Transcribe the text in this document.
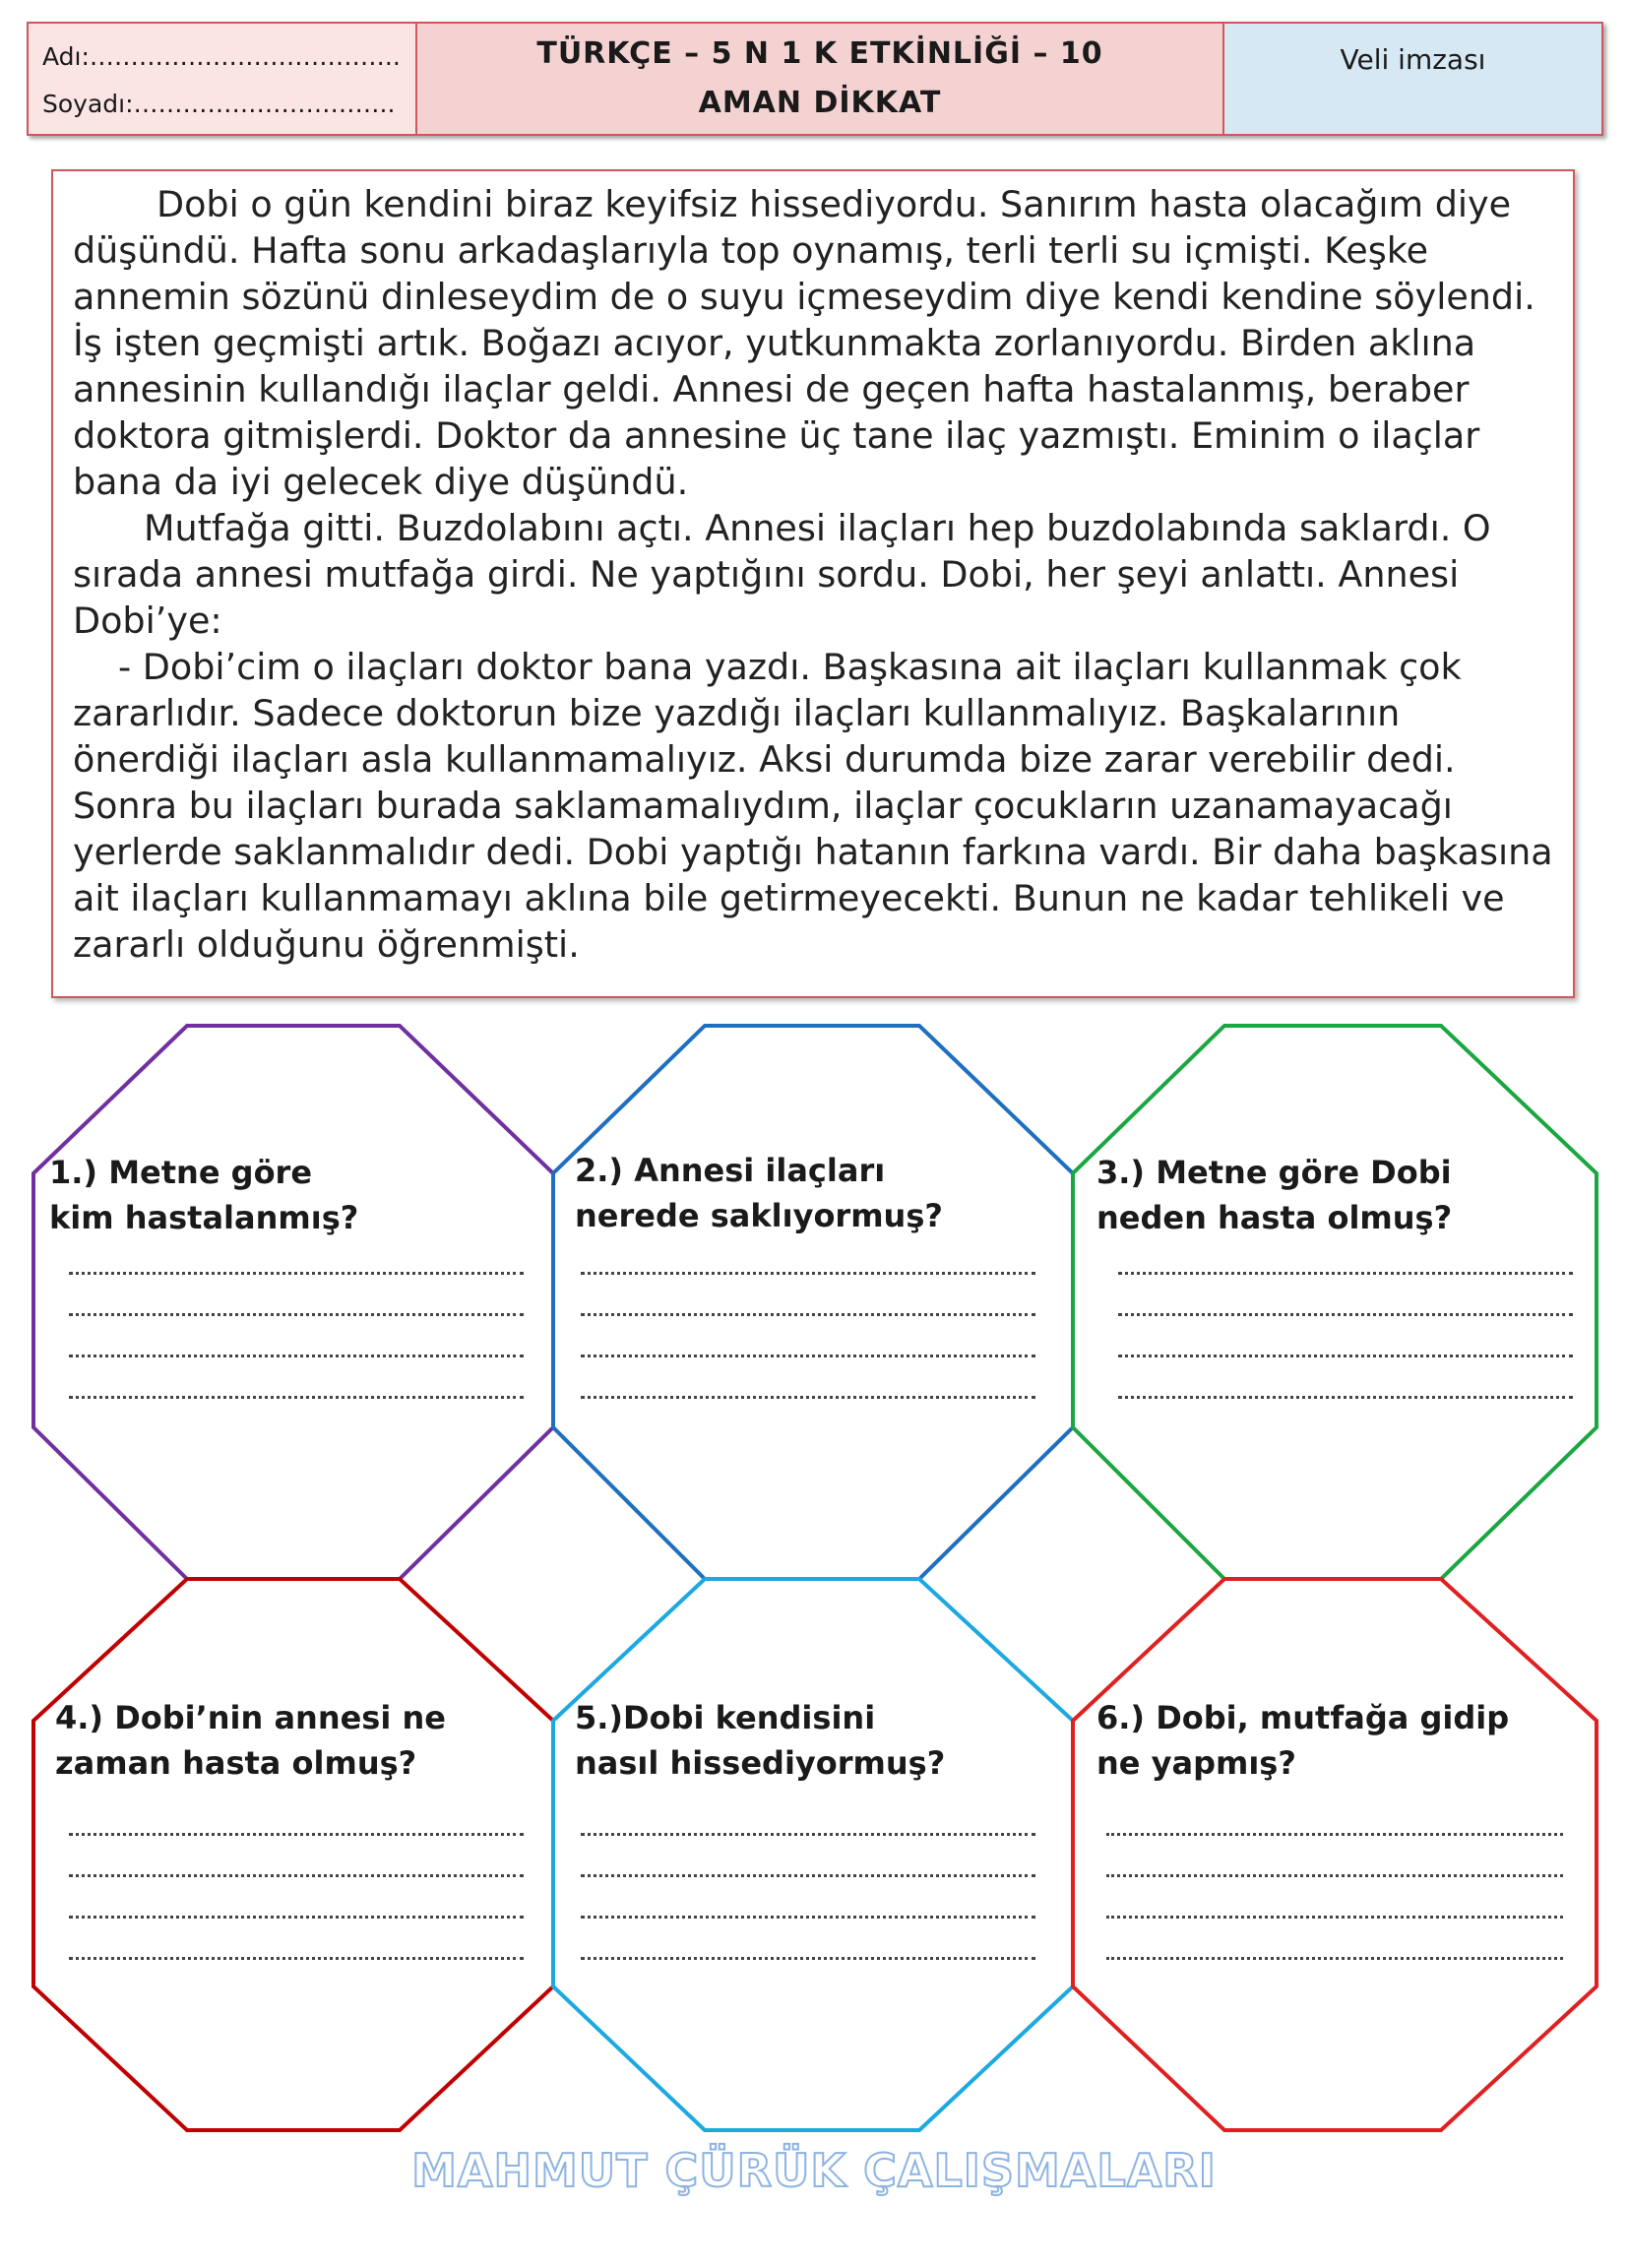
Adı:………………………………..
Soyadı:…………………………..
TÜRKÇE – 5 N 1 K ETKİNLİĞİ – 10
AMAN DİKKAT
Veli imzası

Dobi o gün kendini biraz keyifsiz hissediyordu. Sanırım hasta olacağım diye düşündü. Hafta sonu arkadaşlarıyla top oynamış, terli terli su içmişti. Keşke annemin sözünü dinleseydim de o suyu içmeseydim diye kendi kendine söylendi. İş işten geçmişti artık. Boğazı acıyor, yutkunmakta zorlanıyordu. Birden aklına annesinin kullandığı ilaçlar geldi. Annesi de geçen hafta hastalanmış, beraber doktora gitmişlerdi. Doktor da annesine üç tane ilaç yazmıştı. Eminim o ilaçlar bana da iyi gelecek diye düşündü.

Mutfağa gitti. Buzdolabını açtı. Annesi ilaçları hep buzdolabında saklardı. O sırada annesi mutfağa girdi. Ne yaptığını sordu. Dobi, her şeyi anlattı. Annesi Dobi’ye:

- Dobi’cim o ilaçları doktor bana yazdı. Başkasına ait ilaçları kullanmak çok zararlıdır. Sadece doktorun bize yazdığı ilaçları kullanmalıyız. Başkalarının önerdiği ilaçları asla kullanmamalıyız. Aksi durumda bize zarar verebilir dedi. Sonra bu ilaçları burada saklamamalıydım, ilaçlar çocukların uzanamayacağı yerlerde saklanmalıdır dedi. Dobi yaptığı hatanın farkına vardı. Bir daha başkasına ait ilaçları kullanmamayı aklına bile getirmeyecekti. Bunun ne kadar tehlikeli ve zararlı olduğunu öğrenmişti.

1.) Metne göre kim hastalanmış?
2.) Annesi ilaçları nerede saklıyormuş?
3.) Metne göre Dobi neden hasta olmuş?
4.) Dobi’nin annesi ne zaman hasta olmuş?
5.)Dobi kendisini nasıl hissediyormuş?
6.) Dobi, mutfağa gidip ne yapmış?
MAHMUT ÇÜRÜK ÇALIŞMALARI
